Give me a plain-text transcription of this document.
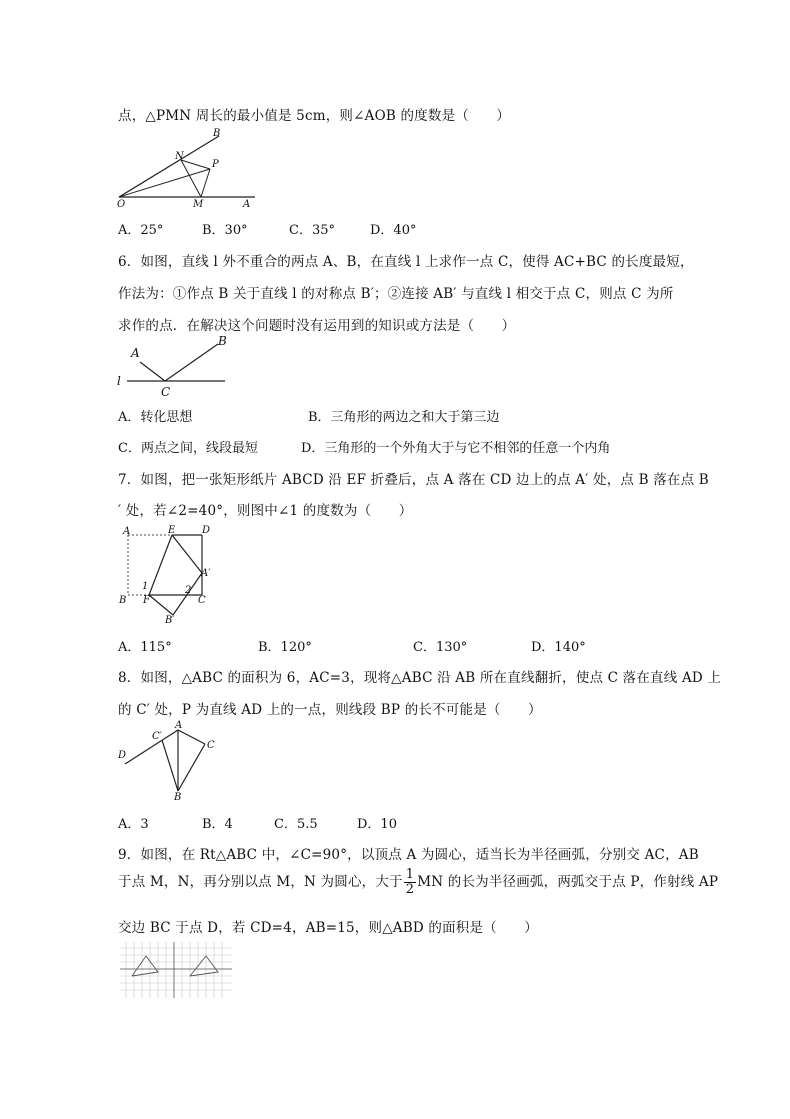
点，△PMN 周长的最小值是 5cm，则∠AOB 的度数是（　　）
B
N
P
O	M	A
A．25°	B．30°	C．35°	D．40°
6．如图，直线 l 外不重合的两点 A、B，在直线 l 上求作一点 C，使得 AC+BC 的长度最短，
作法为：①作点 B 关于直线 l 的对称点 B′；②连接 AB′ 与直线 l 相交于点 C，则点 C 为所
求作的点．在解决这个问题时没有运用到的知识或方法是（　　）
A
B
l
C
A．转化思想	B．三角形的两边之和大于第三边
C．两点之间，线段最短	D．三角形的一个外角大于与它不相邻的任意一个内角
7．如图，把一张矩形纸片 ABCD 沿 EF 折叠后，点 A 落在 CD 边上的点 A′ 处，点 B 落在点 B
′ 处，若∠2=40°，则图中∠1 的度数为（　　）
A	E	D
A′
1	2
B F	C
B′
A．115°	B．120°	C．130°	D．140°
8．如图，△ABC 的面积为 6，AC=3，现将△ABC 沿 AB 所在直线翻折，使点 C 落在直线 AD 上
的 C′ 处，P 为直线 AD 上的一点，则线段 BP 的长不可能是（　　）
C′
A
D
C
B
A．3	B．4	C．5.5	D．10
9．如图，在 Rt△ABC 中，∠C=90°，以顶点 A 为圆心，适当长为半径画弧，分别交 AC，AB
于点 M，N，再分别以点 M，N 为圆心，大于 $\frac{1}{2}$ MN 的长为半径画弧，两弧交于点 P，作射线 AP
交边 BC 于点 D，若 CD=4，AB=15，则△ABD 的面积是（　　）
